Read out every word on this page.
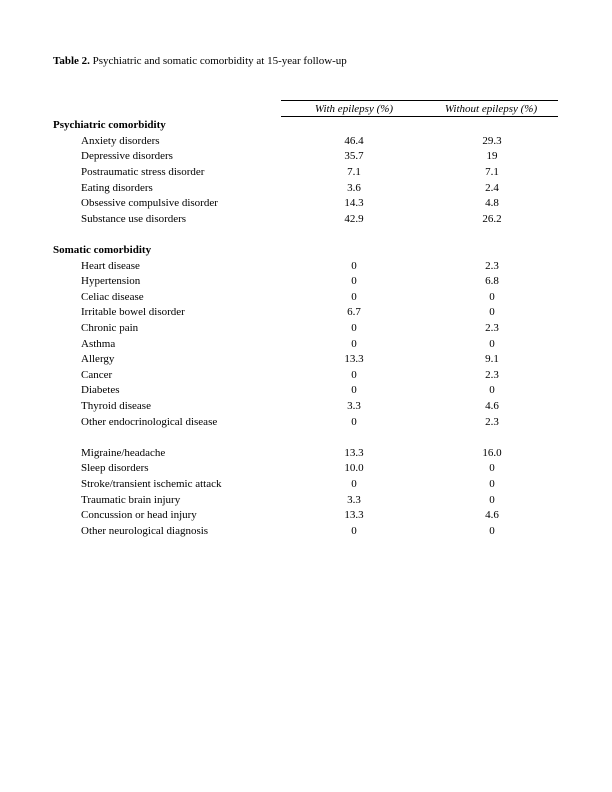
Table 2. Psychiatric and somatic comorbidity at 15-year follow-up
With epilepsy (%)	Without epilepsy (%)
Psychiatric comorbidity
Anxiety disorders	46.4	29.3
Depressive disorders	35.7	19
Postraumatic stress disorder	7.1	7.1
Eating disorders	3.6	2.4
Obsessive compulsive disorder	14.3	4.8
Substance use disorders	42.9	26.2
Somatic comorbidity
Heart disease	0	2.3
Hypertension	0	6.8
Celiac disease	0	0
Irritable bowel disorder	6.7	0
Chronic pain	0	2.3
Asthma	0	0
Allergy	13.3	9.1
Cancer	0	2.3
Diabetes	0	0
Thyroid disease	3.3	4.6
Other endocrinological disease	0	2.3
Migraine/headache	13.3	16.0
Sleep disorders	10.0	0
Stroke/transient ischemic attack	0	0
Traumatic brain injury	3.3	0
Concussion or head injury	13.3	4.6
Other neurological diagnosis	0	0
